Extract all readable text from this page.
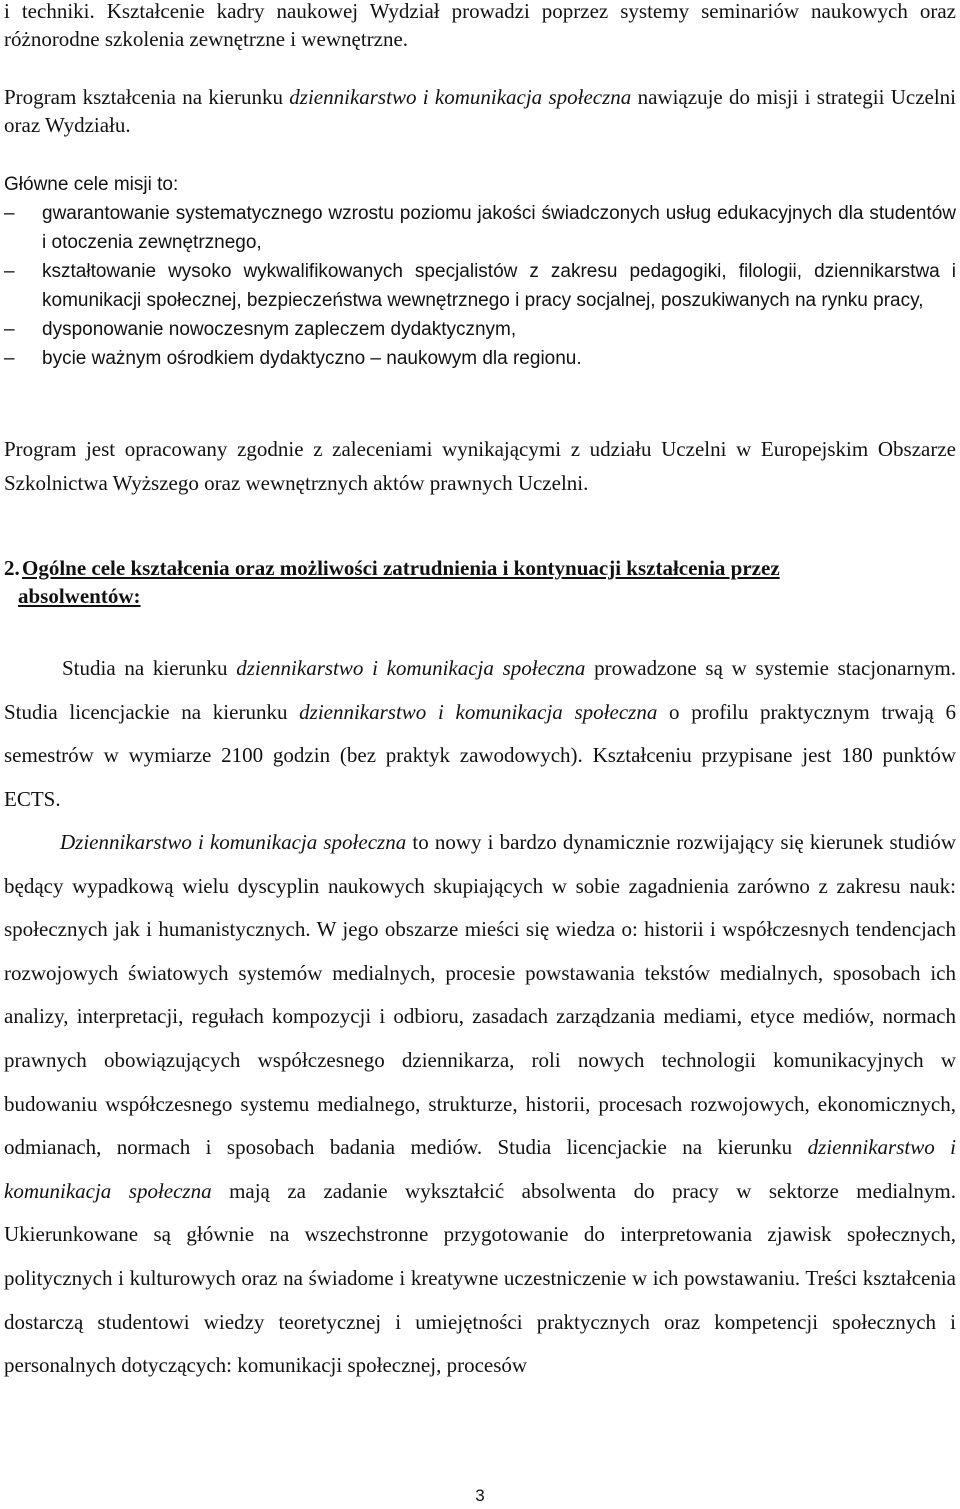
i techniki. Kształcenie kadry naukowej Wydział prowadzi poprzez systemy seminariów naukowych oraz różnorodne szkolenia zewnętrzne i wewnętrzne.

Program kształcenia na kierunku dziennikarstwo i komunikacja społeczna nawiązuje do misji i strategii Uczelni oraz Wydziału.

Główne cele misji to:
–	gwarantowanie systematycznego wzrostu poziomu jakości świadczonych usług edukacyjnych dla studentów i otoczenia zewnętrznego,
–	kształtowanie wysoko wykwalifikowanych specjalistów z zakresu pedagogiki, filologii, dziennikarstwa i komunikacji społecznej, bezpieczeństwa wewnętrznego i pracy socjalnej, poszukiwanych na rynku pracy,
–	dysponowanie nowoczesnym zapleczem dydaktycznym,
–	bycie ważnym ośrodkiem dydaktyczno – naukowym dla regionu.

Program jest opracowany zgodnie z zaleceniami wynikającymi z udziału Uczelni w Europejskim Obszarze Szkolnictwa Wyższego oraz wewnętrznych aktów prawnych Uczelni.

2. Ogólne cele kształcenia oraz możliwości zatrudnienia i kontynuacji kształcenia przez
absolwentów:

Studia na kierunku dziennikarstwo i komunikacja społeczna prowadzone są w systemie stacjonarnym. Studia licencjackie na kierunku dziennikarstwo i komunikacja społeczna o profilu praktycznym trwają 6 semestrów w wymiarze 2100 godzin (bez praktyk zawodowych). Kształceniu przypisane jest 180 punktów ECTS.

Dziennikarstwo i komunikacja społeczna to nowy i bardzo dynamicznie rozwijający się kierunek studiów będący wypadkową wielu dyscyplin naukowych skupiających w sobie zagadnienia zarówno z zakresu nauk: społecznych jak i humanistycznych. W jego obszarze mieści się wiedza o: historii i współczesnych tendencjach rozwojowych światowych systemów medialnych, procesie powstawania tekstów medialnych, sposobach ich analizy, interpretacji, regułach kompozycji i odbioru, zasadach zarządzania mediami, etyce mediów, normach prawnych obowiązujących współczesnego dziennikarza, roli nowych technologii komunikacyjnych w budowaniu współczesnego systemu medialnego, strukturze, historii, procesach rozwojowych, ekonomicznych, odmianach, normach i sposobach badania mediów. Studia licencjackie na kierunku dziennikarstwo i komunikacja społeczna mają za zadanie wykształcić absolwenta do pracy w sektorze medialnym. Ukierunkowane są głównie na wszechstronne przygotowanie do interpretowania zjawisk społecznych, politycznych i kulturowych oraz na świadome i kreatywne uczestniczenie w ich powstawaniu. Treści kształcenia dostarczą studentowi wiedzy teoretycznej i umiejętności praktycznych oraz kompetencji społecznych i personalnych dotyczących: komunikacji społecznej, procesów

3
